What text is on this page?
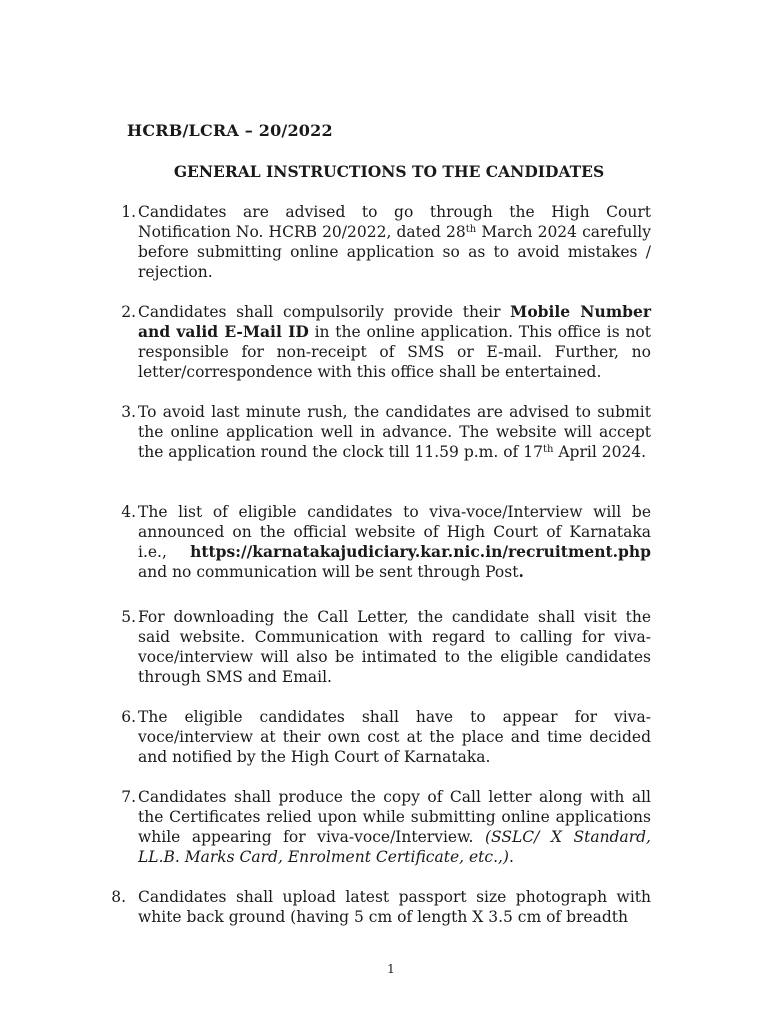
HCRB/LCRA – 20/2022
GENERAL INSTRUCTIONS TO THE CANDIDATES
1. Candidates are advised to go through the High Court Notification No. HCRB 20/2022, dated 28th March 2024 carefully before submitting online application so as to avoid mistakes / rejection.
2. Candidates shall compulsorily provide their Mobile Number and valid E-Mail ID in the online application. This office is not responsible for non-receipt of SMS or E-mail. Further, no letter/correspondence with this office shall be entertained.
3. To avoid last minute rush, the candidates are advised to submit the online application well in advance. The website will accept the application round the clock till 11.59 p.m. of 17th April 2024.
4. The list of eligible candidates to viva-voce/Interview will be announced on the official website of High Court of Karnataka i.e., https://karnatakajudiciary.kar.nic.in/recruitment.php and no communication will be sent through Post.
5. For downloading the Call Letter, the candidate shall visit the said website. Communication with regard to calling for viva-voce/interview will also be intimated to the eligible candidates through SMS and Email.
6. The eligible candidates shall have to appear for viva-voce/interview at their own cost at the place and time decided and notified by the High Court of Karnataka.
7. Candidates shall produce the copy of Call letter along with all the Certificates relied upon while submitting online applications while appearing for viva-voce/Interview. (SSLC/ X Standard, LL.B. Marks Card, Enrolment Certificate, etc.,).
8. Candidates shall upload latest passport size photograph with white back ground (having 5 cm of length X 3.5 cm of breadth
1
